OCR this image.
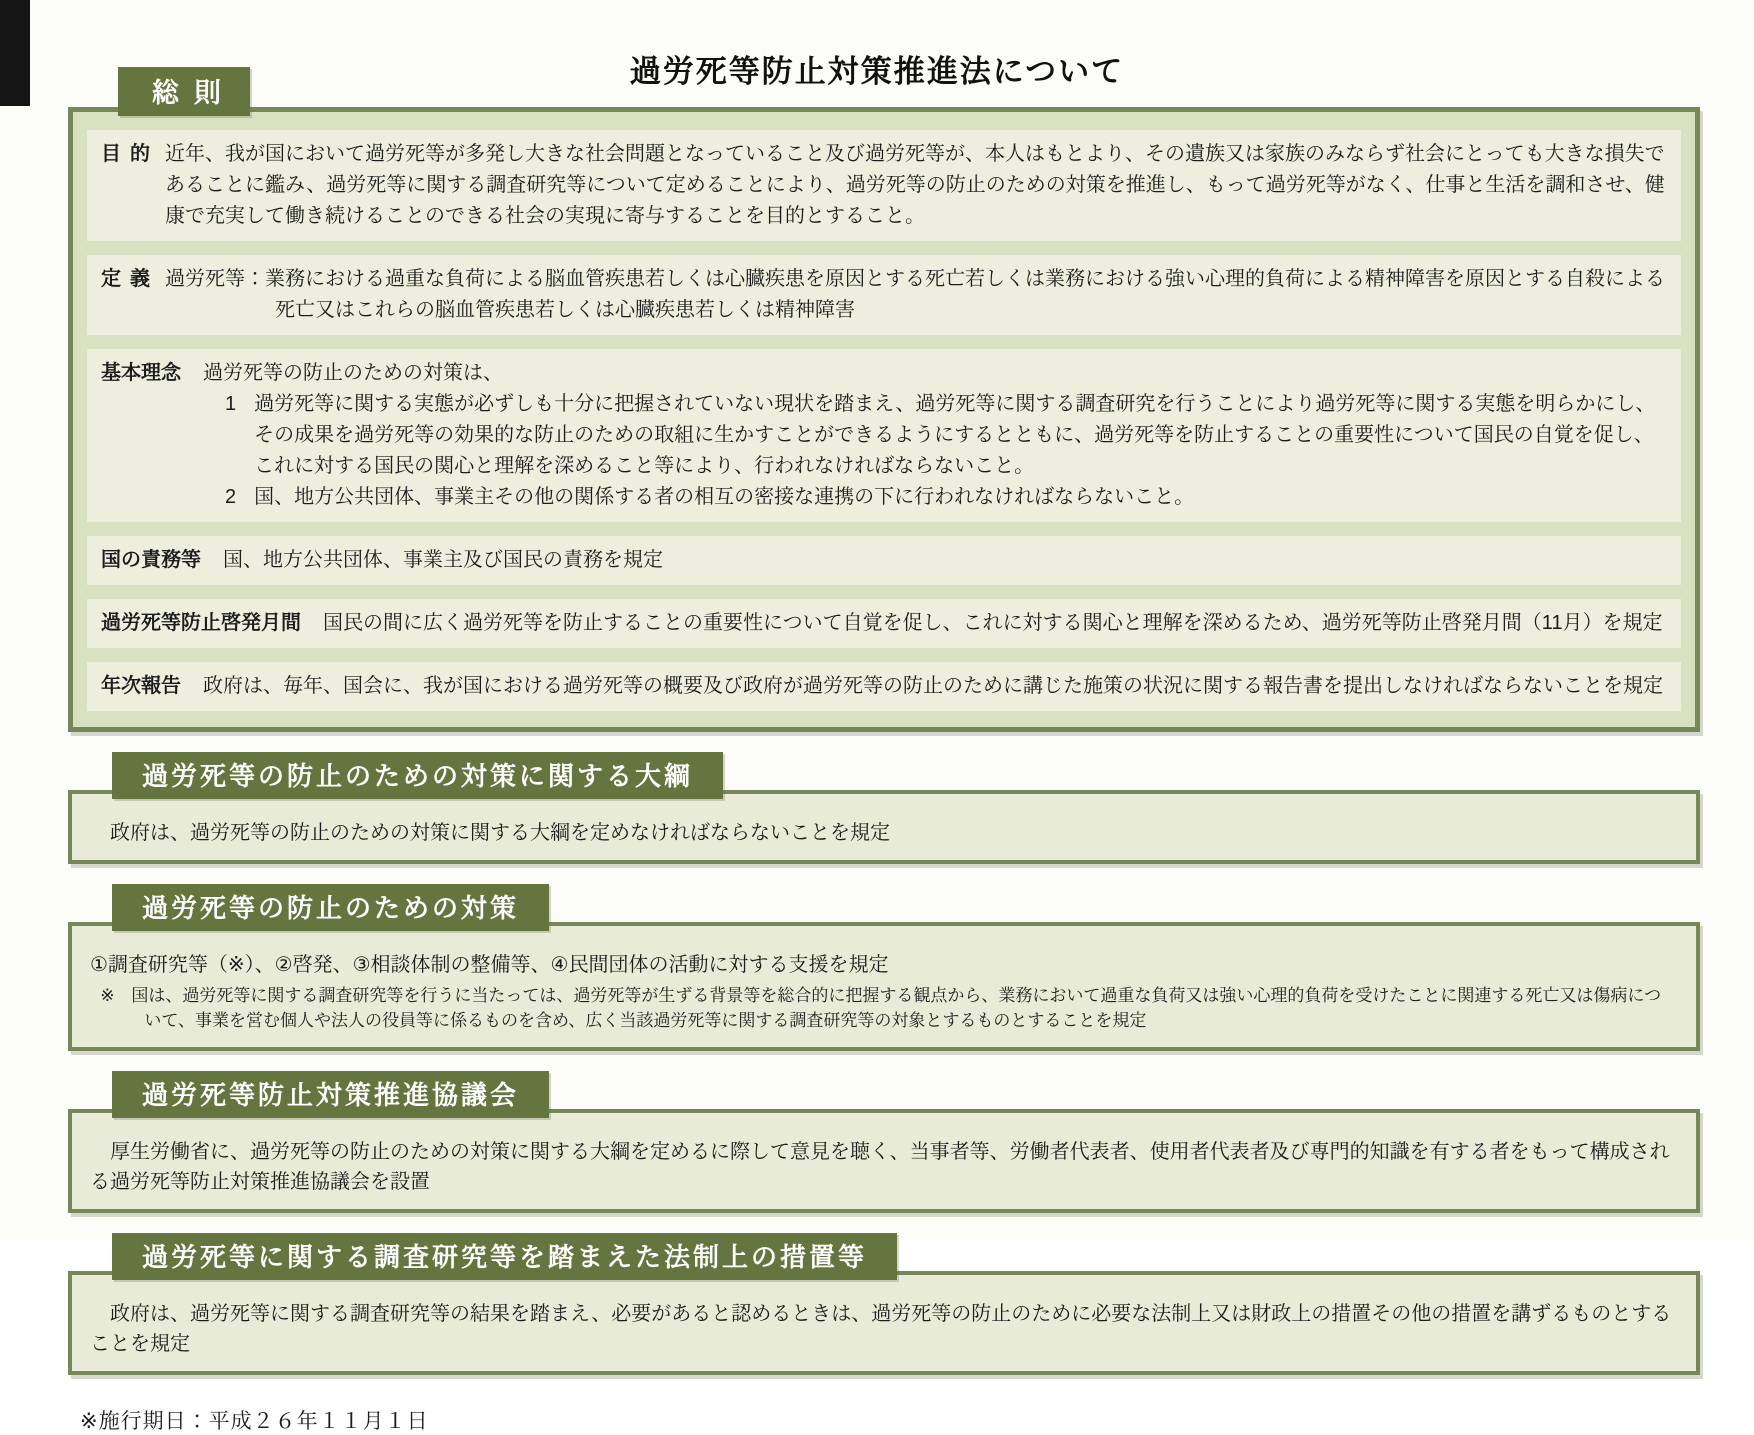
過労死等防止対策推進法について
総則
目的 近年、我が国において過労死等が多発し大きな社会問題となっていること及び過労死等が、本人はもとより、その遺族又は家族のみならず社会にとっても大きな損失であることに鑑み、過労死等に関する調査研究等について定めることにより、過労死等の防止のための対策を推進し、もって過労死等がなく、仕事と生活を調和させ、健康で充実して働き続けることのできる社会の実現に寄与することを目的とすること。

定義 過労死等：業務における過重な負荷による脳血管疾患若しくは心臓疾患を原因とする死亡若しくは業務における強い心理的負荷による精神障害を原因とする自殺による死亡又はこれらの脳血管疾患若しくは心臓疾患若しくは精神障害

基本理念 過労死等の防止のための対策は、

1 過労死等に関する実態が必ずしも十分に把握されていない現状を踏まえ、過労死等に関する調査研究を行うことにより過労死等に関する実態を明らかにし、その成果を過労死等の効果的な防止のための取組に生かすことができるようにするとともに、過労死等を防止することの重要性について国民の自覚を促し、これに対する国民の関心と理解を深めること等により、行われなければならないこと。

2 国、地方公共団体、事業主その他の関係する者の相互の密接な連携の下に行われなければならないこと。

国の責務等 国、地方公共団体、事業主及び国民の責務を規定

過労死等防止啓発月間 国民の間に広く過労死等を防止することの重要性について自覚を促し、これに対する関心と理解を深めるため、過労死等防止啓発月間（11月）を規定

年次報告 政府は、毎年、国会に、我が国における過労死等の概要及び政府が過労死等の防止のために講じた施策の状況に関する報告書を提出しなければならないことを規定

過労死等の防止のための対策に関する大綱

政府は、過労死等の防止のための対策に関する大綱を定めなければならないことを規定

過労死等の防止のための対策

①調査研究等（※）、②啓発、③相談体制の整備等、④民間団体の活動に対する支援を規定

※　国は、過労死等に関する調査研究等を行うに当たっては、過労死等が生ずる背景等を総合的に把握する観点から、業務において過重な負荷又は強い心理的負荷を受けたことに関連する死亡又は傷病について、事業を営む個人や法人の役員等に係るものを含め、広く当該過労死等に関する調査研究等の対象とするものとすることを規定

過労死等防止対策推進協議会

厚生労働省に、過労死等の防止のための対策に関する大綱を定めるに際して意見を聴く、当事者等、労働者代表者、使用者代表者及び専門的知識を有する者をもって構成される過労死等防止対策推進協議会を設置

過労死等に関する調査研究等を踏まえた法制上の措置等

政府は、過労死等に関する調査研究等の結果を踏まえ、必要があると認めるときは、過労死等の防止のために必要な法制上又は財政上の措置その他の措置を講ずるものとすることを規定

※施行期日：平成２６年１１月１日
